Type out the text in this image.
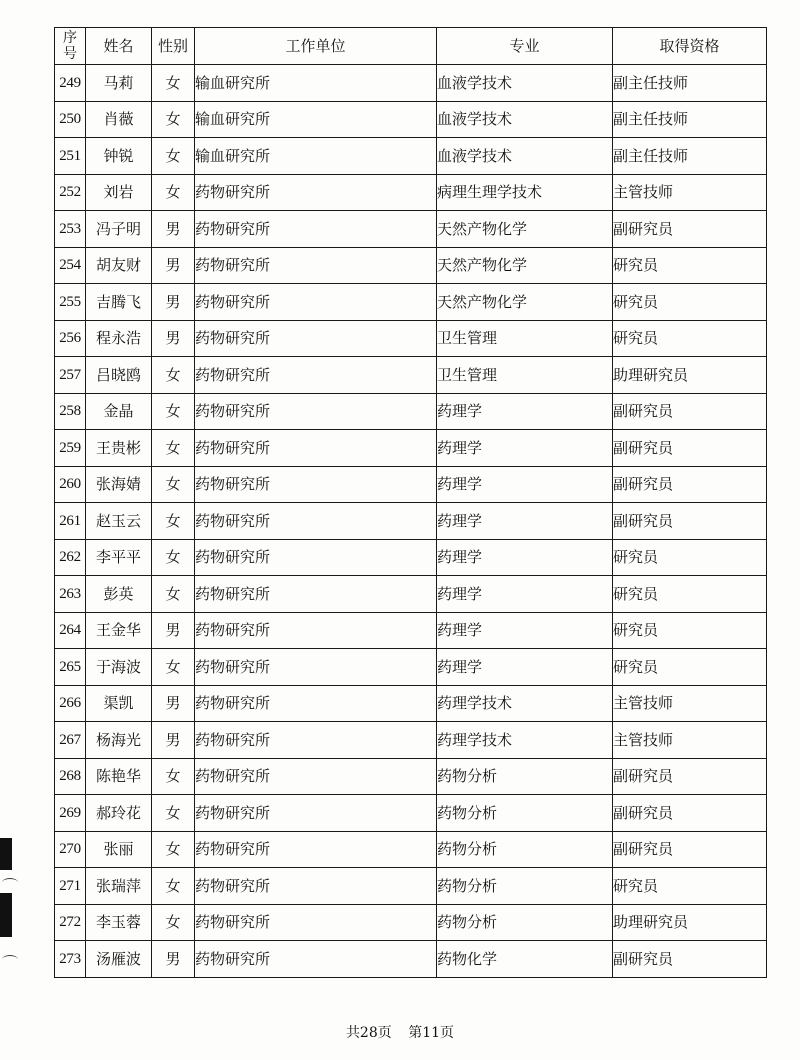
序
号	姓名	性别	工作单位	专业	取得资格
249	马莉	女	输血研究所	血液学技术	副主任技师
250	肖薇	女	输血研究所	血液学技术	副主任技师
251	钟锐	女	输血研究所	血液学技术	副主任技师
252	刘岩	女	药物研究所	病理生理学技术	主管技师
253	冯子明	男	药物研究所	天然产物化学	副研究员
254	胡友财	男	药物研究所	天然产物化学	研究员
255	吉腾飞	男	药物研究所	天然产物化学	研究员
256	程永浩	男	药物研究所	卫生管理	研究员
257	吕晓鸥	女	药物研究所	卫生管理	助理研究员
258	金晶	女	药物研究所	药理学	副研究员
259	王贵彬	女	药物研究所	药理学	副研究员
260	张海婧	女	药物研究所	药理学	副研究员
261	赵玉云	女	药物研究所	药理学	副研究员
262	李平平	女	药物研究所	药理学	研究员
263	彭英	女	药物研究所	药理学	研究员
264	王金华	男	药物研究所	药理学	研究员
265	于海波	女	药物研究所	药理学	研究员
266	渠凯	男	药物研究所	药理学技术	主管技师
267	杨海光	男	药物研究所	药理学技术	主管技师
268	陈艳华	女	药物研究所	药物分析	副研究员
269	郝玲花	女	药物研究所	药物分析	副研究员
270	张丽	女	药物研究所	药物分析	副研究员
271	张瑞萍	女	药物研究所	药物分析	研究员
272	李玉蓉	女	药物研究所	药物分析	助理研究员
273	汤雁波	男	药物研究所	药物化学	副研究员
共28页 第11页
